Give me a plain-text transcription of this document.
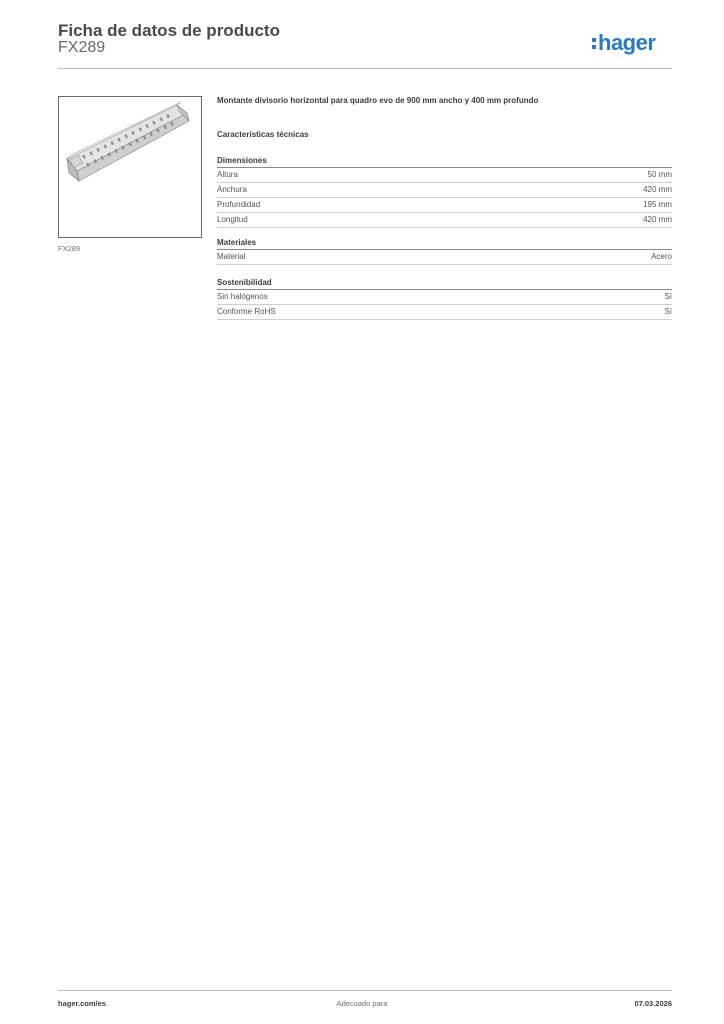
Ficha de datos de producto
FX289	hager
FX289
Montante divisorio horizontal para quadro evo de 900 mm ancho y 400 mm profundo
Características técnicas
Dimensiones
Altura	50 mm
Anchura	420 mm
Profundidad	195 mm
Longitud	420 mm
Materiales
Material	Acero
Sostenibilidad
Sin halógenos	Sí
Conforme RoHS	Sí
hager.com/es	Adecuado para	07.03.2026
